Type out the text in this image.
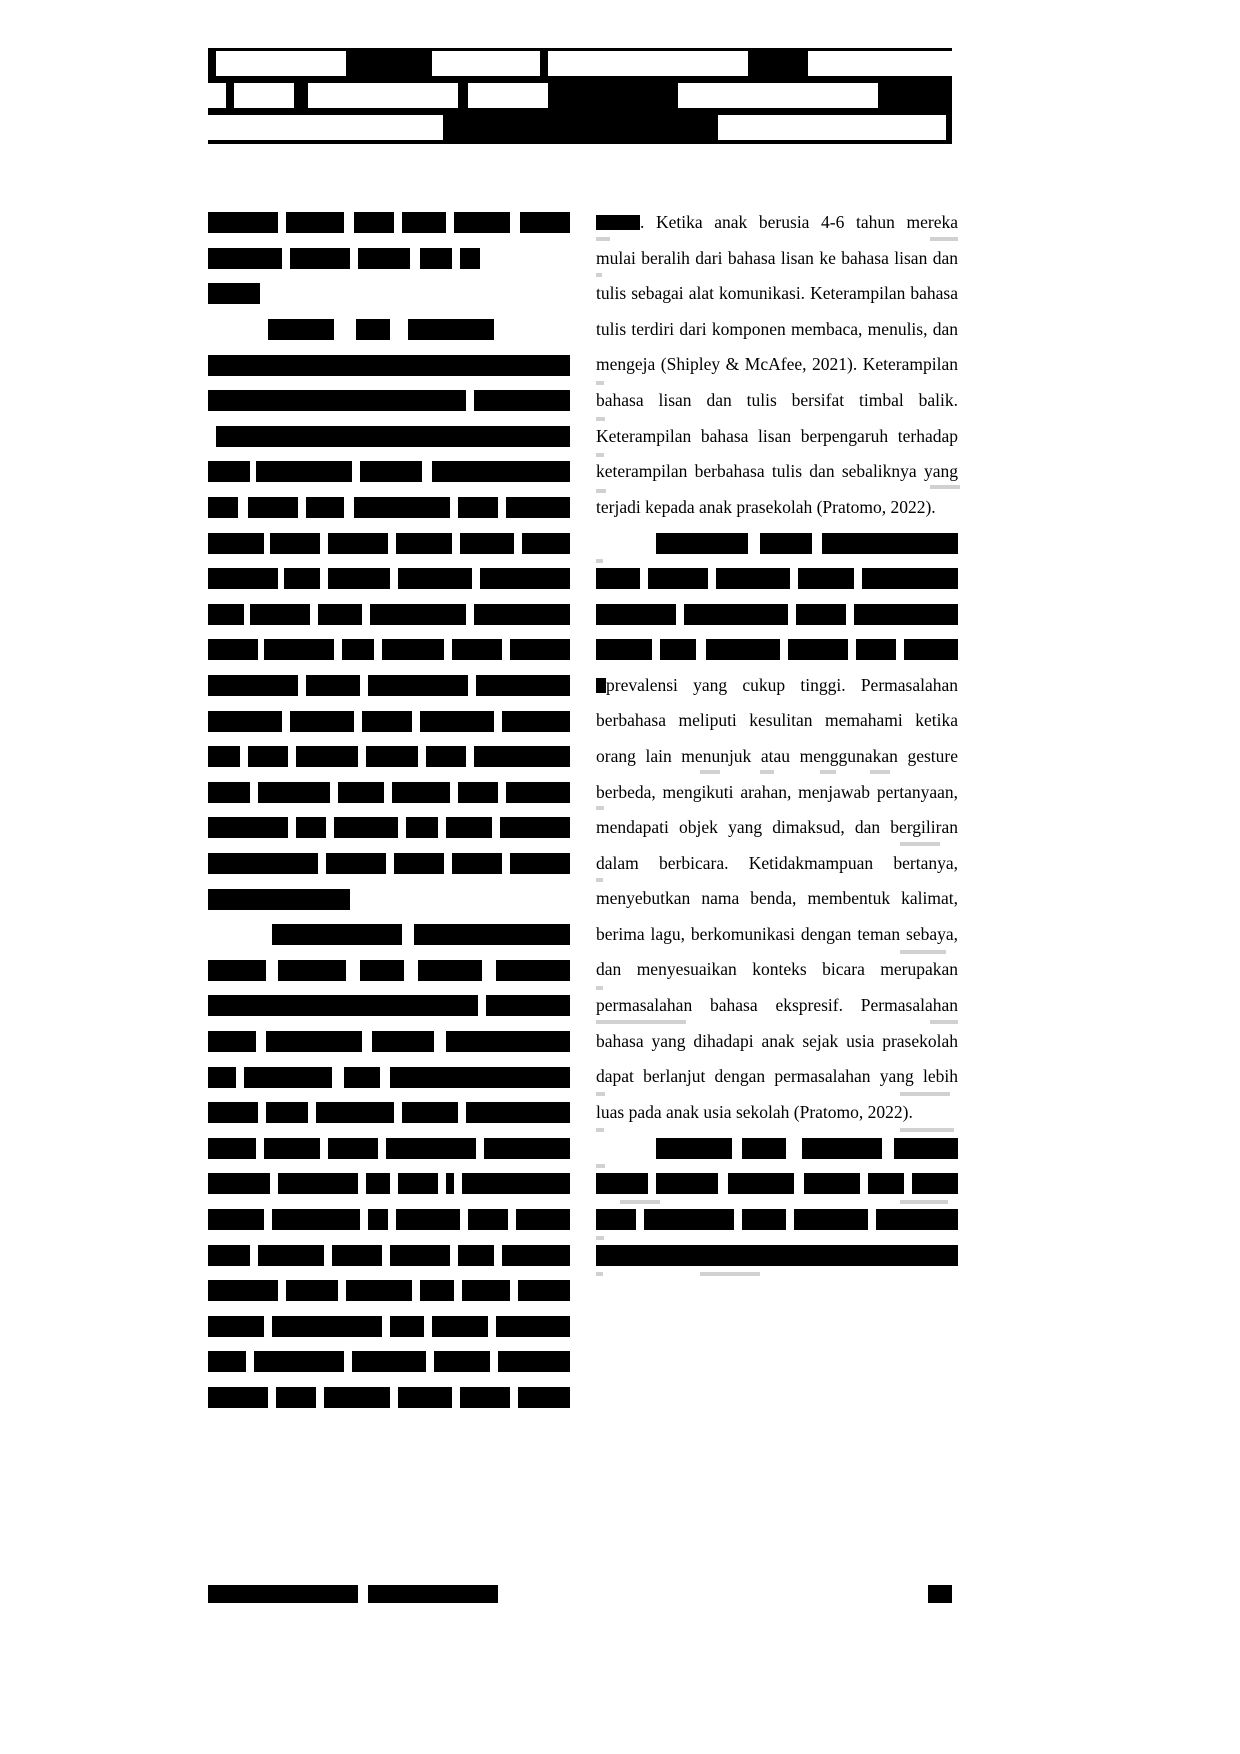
. Ketika anak berusia 4-6 tahun mereka mulai beralih dari bahasa lisan ke bahasa lisan dan tulis sebagai alat komunikasi. Keterampilan bahasa tulis terdiri dari komponen membaca, menulis, dan mengeja (Shipley & McAfee, 2021). Keterampilan bahasa lisan dan tulis bersifat timbal balik. Keterampilan bahasa lisan berpengaruh terhadap keterampilan berbahasa tulis dan sebaliknya yang terjadi kepada anak prasekolah (Pratomo, 2022).

prevalensi yang cukup tinggi. Permasalahan berbahasa meliputi kesulitan memahami ketika orang lain menunjuk atau menggunakan gesture berbeda, mengikuti arahan, menjawab pertanyaan, mendapati objek yang dimaksud, dan bergiliran dalam berbicara. Ketidakmampuan bertanya, menyebutkan nama benda, membentuk kalimat, berima lagu, berkomunikasi dengan teman sebaya, dan menyesuaikan konteks bicara merupakan permasalahan bahasa ekspresif. Permasalahan bahasa yang dihadapi anak sejak usia prasekolah dapat berlanjut dengan permasalahan yang lebih luas pada anak usia sekolah (Pratomo, 2022).
